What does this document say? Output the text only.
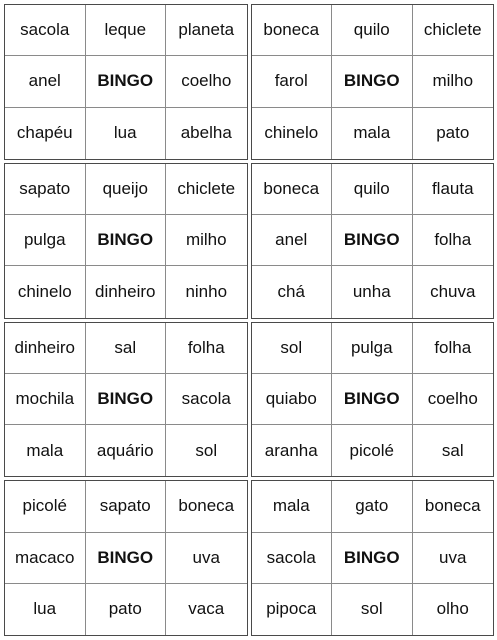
sacola	leque	planeta
anel	BINGO	coelho
chapéu	lua	abelha
boneca	quilo	chiclete
farol	BINGO	milho
chinelo	mala	pato
sapato	queijo	chiclete
pulga	BINGO	milho
chinelo	dinheiro	ninho
boneca	quilo	flauta
anel	BINGO	folha
chá	unha	chuva
dinheiro	sal	folha
mochila	BINGO	sacola
mala	aquário	sol
sol	pulga	folha
quiabo	BINGO	coelho
aranha	picolé	sal
picolé	sapato	boneca
macaco	BINGO	uva
lua	pato	vaca
mala	gato	boneca
sacola	BINGO	uva
pipoca	sol	olho
